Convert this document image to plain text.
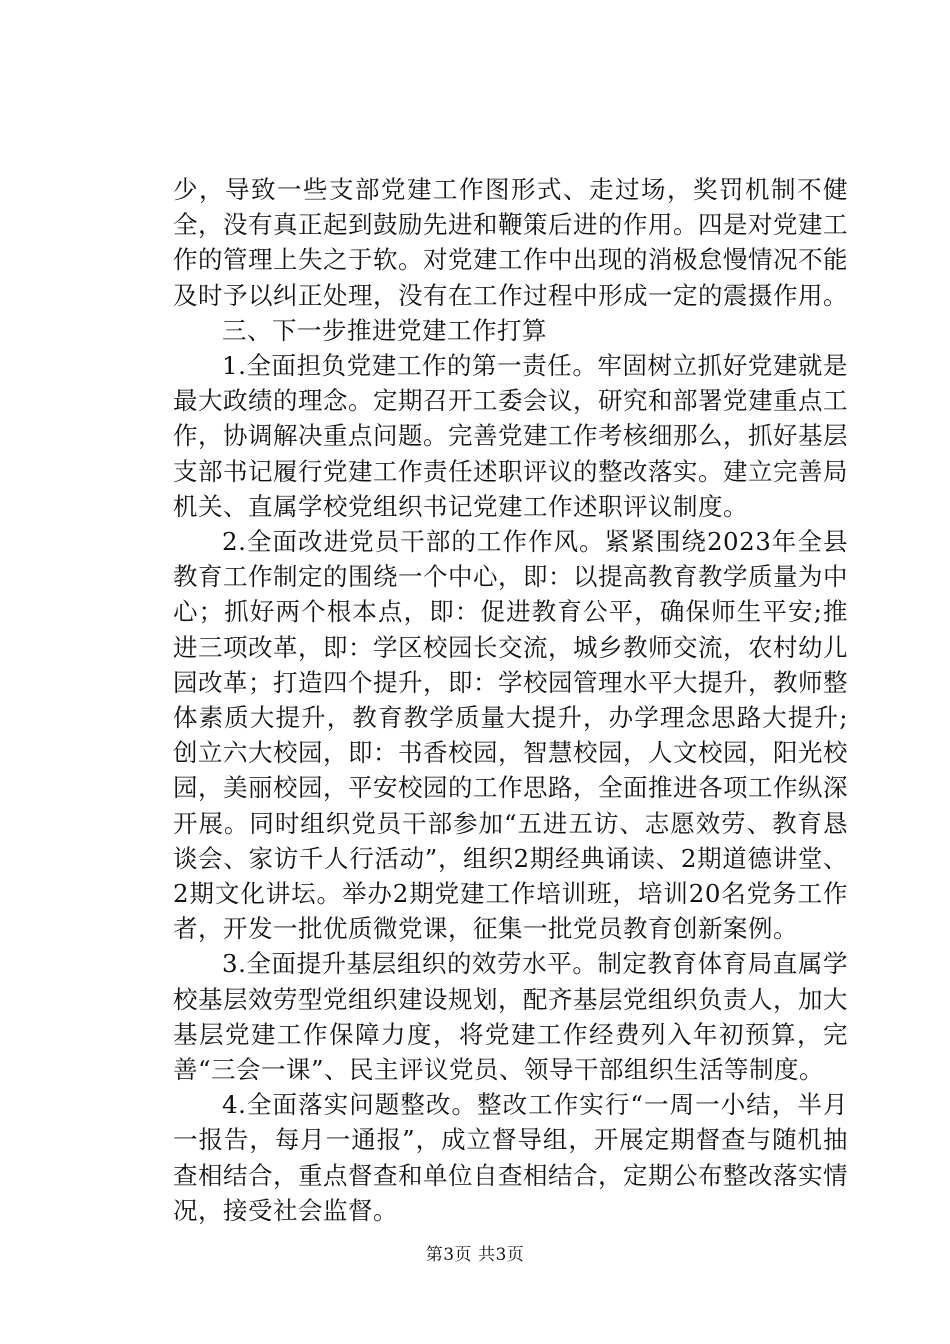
少，导致一些支部党建工作图形式、走过场，奖罚机制不健全，没有真正起到鼓励先进和鞭策后进的作用。四是对党建工作的管理上失之于软。对党建工作中出现的消极怠慢情况不能及时予以纠正处理，没有在工作过程中形成一定的震摄作用。

三、下一步推进党建工作打算

1.全面担负党建工作的第一责任。牢固树立抓好党建就是最大政绩的理念。定期召开工委会议，研究和部署党建重点工作，协调解决重点问题。完善党建工作考核细那么，抓好基层支部书记履行党建工作责任述职评议的整改落实。建立完善局机关、直属学校党组织书记党建工作述职评议制度。

2.全面改进党员干部的工作作风。紧紧围绕2023年全县教育工作制定的围绕一个中心，即：以提高教育教学质量为中心；抓好两个根本点，即：促进教育公平，确保师生平安;推进三项改革，即：学区校园长交流，城乡教师交流，农村幼儿园改革；打造四个提升，即：学校园管理水平大提升，教师整体素质大提升，教育教学质量大提升，办学理念思路大提升;创立六大校园，即：书香校园，智慧校园，人文校园，阳光校园，美丽校园，平安校园的工作思路，全面推进各项工作纵深开展。同时组织党员干部参加“五进五访、志愿效劳、教育恳谈会、家访千人行活动”，组织2期经典诵读、2期道德讲堂、2期文化讲坛。举办2期党建工作培训班，培训20名党务工作者，开发一批优质微党课，征集一批党员教育创新案例。

3.全面提升基层组织的效劳水平。制定教育体育局直属学校基层效劳型党组织建设规划，配齐基层党组织负责人，加大基层党建工作保障力度，将党建工作经费列入年初预算，完善“三会一课”、民主评议党员、领导干部组织生活等制度。

4.全面落实问题整改。整改工作实行“一周一小结，半月一报告，每月一通报”，成立督导组，开展定期督查与随机抽查相结合，重点督查和单位自查相结合，定期公布整改落实情况，接受社会监督。

第3页 共3页
